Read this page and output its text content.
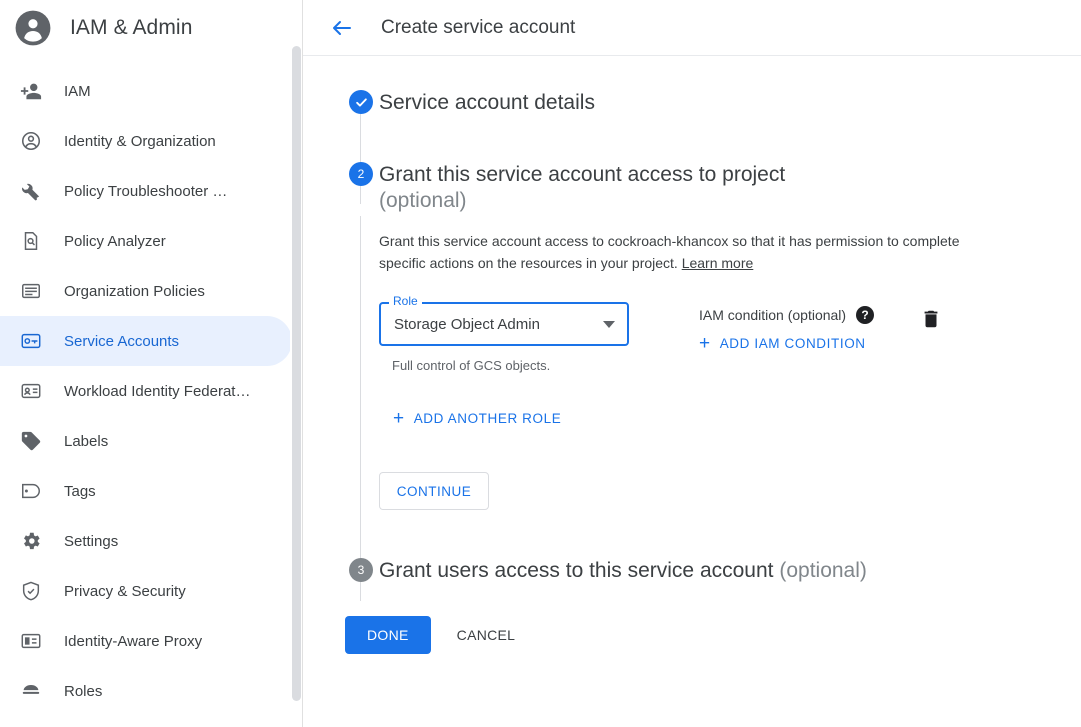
IAM & Admin
IAM
Identity & Organization
Policy Troubleshooter …
Policy Analyzer
Organization Policies
Service Accounts
Workload Identity Federat…
Labels
Tags
Settings
Privacy & Security
Identity-Aware Proxy
Roles
Create service account
Service account details
2 Grant this service account access to project
(optional)
Grant this service account access to cockroach-khancox so that it has permission to complete specific actions on the resources in your project. Learn more
Storage Object Admin
Role
Full control of GCS objects.
IAM condition (optional)	?
+ ADD IAM CONDITION
+ ADD ANOTHER ROLE
CONTINUE
3 Grant users access to this service account (optional)
DONE	CANCEL
